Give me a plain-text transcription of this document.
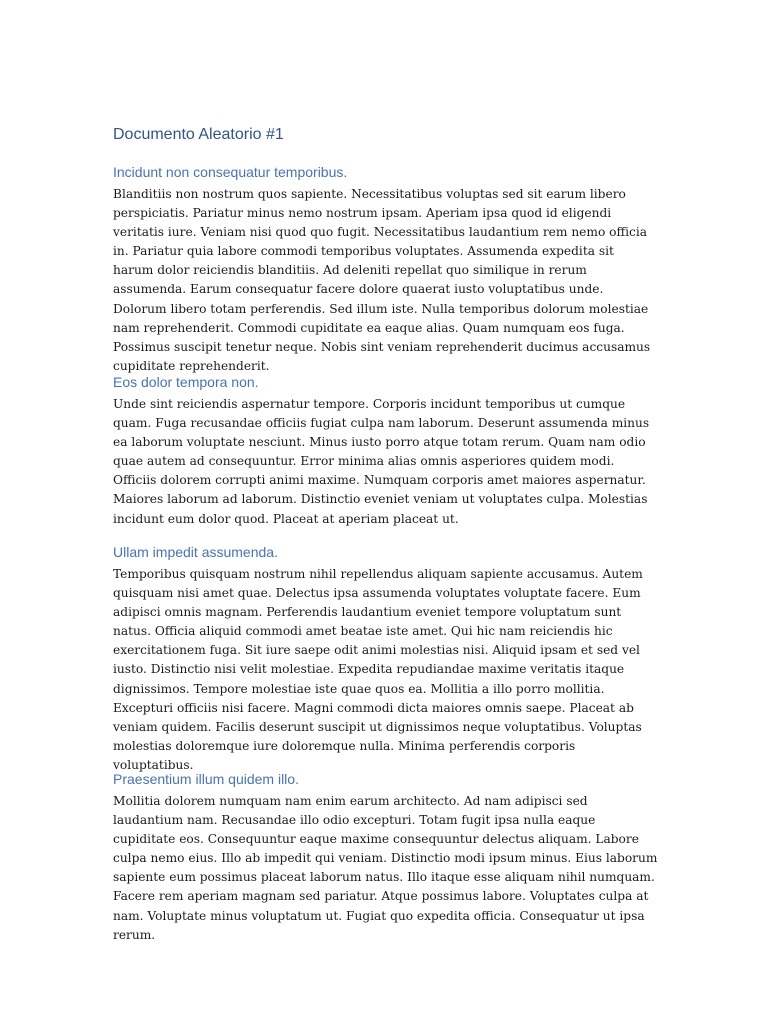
Documento Aleatorio #1
Incidunt non consequatur temporibus.

Blanditiis non nostrum quos sapiente. Necessitatibus voluptas sed sit earum libero perspiciatis. Pariatur minus nemo nostrum ipsam. Aperiam ipsa quod id eligendi veritatis iure. Veniam nisi quod quo fugit. Necessitatibus laudantium rem nemo officia in. Pariatur quia labore commodi temporibus voluptates. Assumenda expedita sit harum dolor reiciendis blanditiis. Ad deleniti repellat quo similique in rerum assumenda. Earum consequatur facere dolore quaerat iusto voluptatibus unde. Dolorum libero totam perferendis. Sed illum iste. Nulla temporibus dolorum molestiae nam reprehenderit. Commodi cupiditate ea eaque alias. Quam numquam eos fuga. Possimus suscipit tenetur neque. Nobis sint veniam reprehenderit ducimus accusamus cupiditate reprehenderit.

Eos dolor tempora non.

Unde sint reiciendis aspernatur tempore. Corporis incidunt temporibus ut cumque quam. Fuga recusandae officiis fugiat culpa nam laborum. Deserunt assumenda minus ea laborum voluptate nesciunt. Minus iusto porro atque totam rerum. Quam nam odio quae autem ad consequuntur. Error minima alias omnis asperiores quidem modi. Officiis dolorem corrupti animi maxime. Numquam corporis amet maiores aspernatur. Maiores laborum ad laborum. Distinctio eveniet veniam ut voluptates culpa. Molestias incidunt eum dolor quod. Placeat at aperiam placeat ut.

Ullam impedit assumenda.

Temporibus quisquam nostrum nihil repellendus aliquam sapiente accusamus. Autem quisquam nisi amet quae. Delectus ipsa assumenda voluptates voluptate facere. Eum adipisci omnis magnam. Perferendis laudantium eveniet tempore voluptatum sunt natus. Officia aliquid commodi amet beatae iste amet. Qui hic nam reiciendis hic exercitationem fuga. Sit iure saepe odit animi molestias nisi. Aliquid ipsam et sed vel iusto. Distinctio nisi velit molestiae. Expedita repudiandae maxime veritatis itaque dignissimos. Tempore molestiae iste quae quos ea. Mollitia a illo porro mollitia. Excepturi officiis nisi facere. Magni commodi dicta maiores omnis saepe. Placeat ab veniam quidem. Facilis deserunt suscipit ut dignissimos neque voluptatibus. Voluptas molestias doloremque iure doloremque nulla. Minima perferendis corporis voluptatibus.

Praesentium illum quidem illo.

Mollitia dolorem numquam nam enim earum architecto. Ad nam adipisci sed laudantium nam. Recusandae illo odio excepturi. Totam fugit ipsa nulla eaque cupiditate eos. Consequuntur eaque maxime consequuntur delectus aliquam. Labore culpa nemo eius. Illo ab impedit qui veniam. Distinctio modi ipsum minus. Eius laborum sapiente eum possimus placeat laborum natus. Illo itaque esse aliquam nihil numquam. Facere rem aperiam magnam sed pariatur. Atque possimus labore. Voluptates culpa at nam. Voluptate minus voluptatum ut. Fugiat quo expedita officia. Consequatur ut ipsa rerum.
